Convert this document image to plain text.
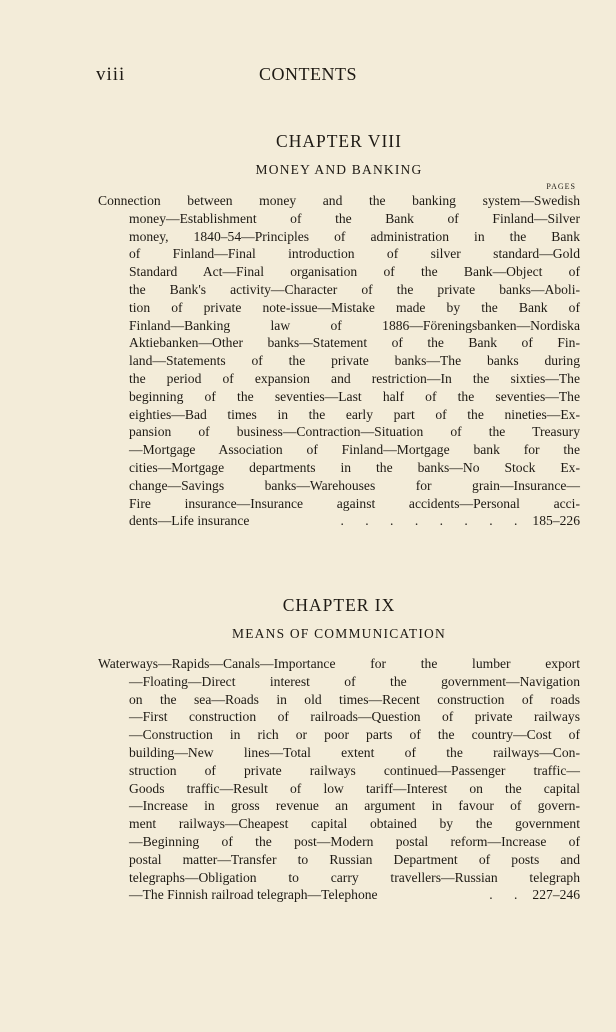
viii	CONTENTS
CHAPTER VIII
MONEY AND BANKING
PAGES
Connection between money and the banking system—Swedish
money—Establishment of the Bank of Finland—Silver
money, 1840–54—Principles of administration in the Bank
of Finland—Final introduction of silver standard—Gold
Standard Act—Final organisation of the Bank—Object of
the Bank's activity—Character of the private banks—Aboli-
tion of private note-issue—Mistake made by the Bank of
Finland—Banking law of 1886—Föreningsbanken—Nordiska
Aktiebanken—Other banks—Statement of the Bank of Fin-
land—Statements of the private banks—The banks during
the period of expansion and restriction—In the sixties—The
beginning of the seventies—Last half of the seventies—The
eighties—Bad times in the early part of the nineties—Ex-
pansion of business—Contraction—Situation of the Treasury
—Mortgage Association of Finland—Mortgage bank for the
cities—Mortgage departments in the banks—No Stock Ex-
change—Savings banks—Warehouses for grain—Insurance—
Fire insurance—Insurance against accidents—Personal acci-
dents—Life insurance	. . . . . . . . 185–226
CHAPTER IX
MEANS OF COMMUNICATION
Waterways—Rapids—Canals—Importance for the lumber export
—Floating—Direct interest of the government—Navigation
on the sea—Roads in old times—Recent construction of roads
—First construction of railroads—Question of private railways
—Construction in rich or poor parts of the country—Cost of
building—New lines—Total extent of the railways—Con-
struction of private railways continued—Passenger traffic—
Goods traffic—Result of low tariff—Interest on the capital
—Increase in gross revenue an argument in favour of govern-
ment railways—Cheapest capital obtained by the government
—Beginning of the post—Modern postal reform—Increase of
postal matter—Transfer to Russian Department of posts and
telegraphs—Obligation to carry travellers—Russian telegraph
—The Finnish railroad telegraph—Telephone	. . 227–246
